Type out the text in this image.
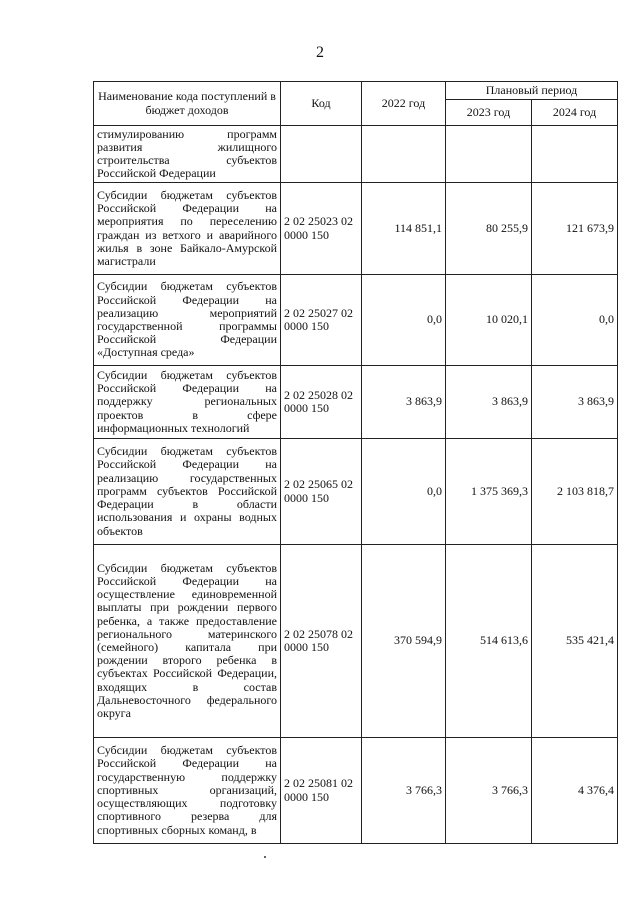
2
Наименование кода поступлений в бюджет доходов	Код	2022 год	Плановый период	
			2023 год	2024 год
стимулированию программ развития жилищного строительства субъектов Российской Федерации				
Субсидии бюджетам субъектов Российской Федерации на мероприятия по переселению граждан из ветхого и аварийного жилья в зоне Байкало-Амурской магистрали	2 02 25023 02 0000 150	114 851,1	80 255,9	121 673,9
Субсидии бюджетам субъектов Российской Федерации на реализацию мероприятий государственной программы Российской Федерации «Доступная среда»	2 02 25027 02 0000 150	0,0	10 020,1	0,0
Субсидии бюджетам субъектов Российской Федерации на поддержку региональных проектов в сфере информационных технологий	2 02 25028 02 0000 150	3 863,9	3 863,9	3 863,9
Субсидии бюджетам субъектов Российской Федерации на реализацию государственных программ субъектов Российской Федерации в области использования и охраны водных объектов	2 02 25065 02 0000 150	0,0	1 375 369,3	2 103 818,7
Субсидии бюджетам субъектов Российской Федерации на осуществление единовременной выплаты при рождении первого ребенка, а также предоставление регионального материнского (семейного) капитала при рождении второго ребенка в субъектах Российской Федерации, входящих в состав Дальневосточного федерального округа	2 02 25078 02 0000 150	370 594,9	514 613,6	535 421,4
Субсидии бюджетам субъектов Российской Федерации на государственную поддержку спортивных организаций, осуществляющих подготовку спортивного резерва для спортивных сборных команд, в	2 02 25081 02 0000 150	3 766,3	3 766,3	4 376,4
